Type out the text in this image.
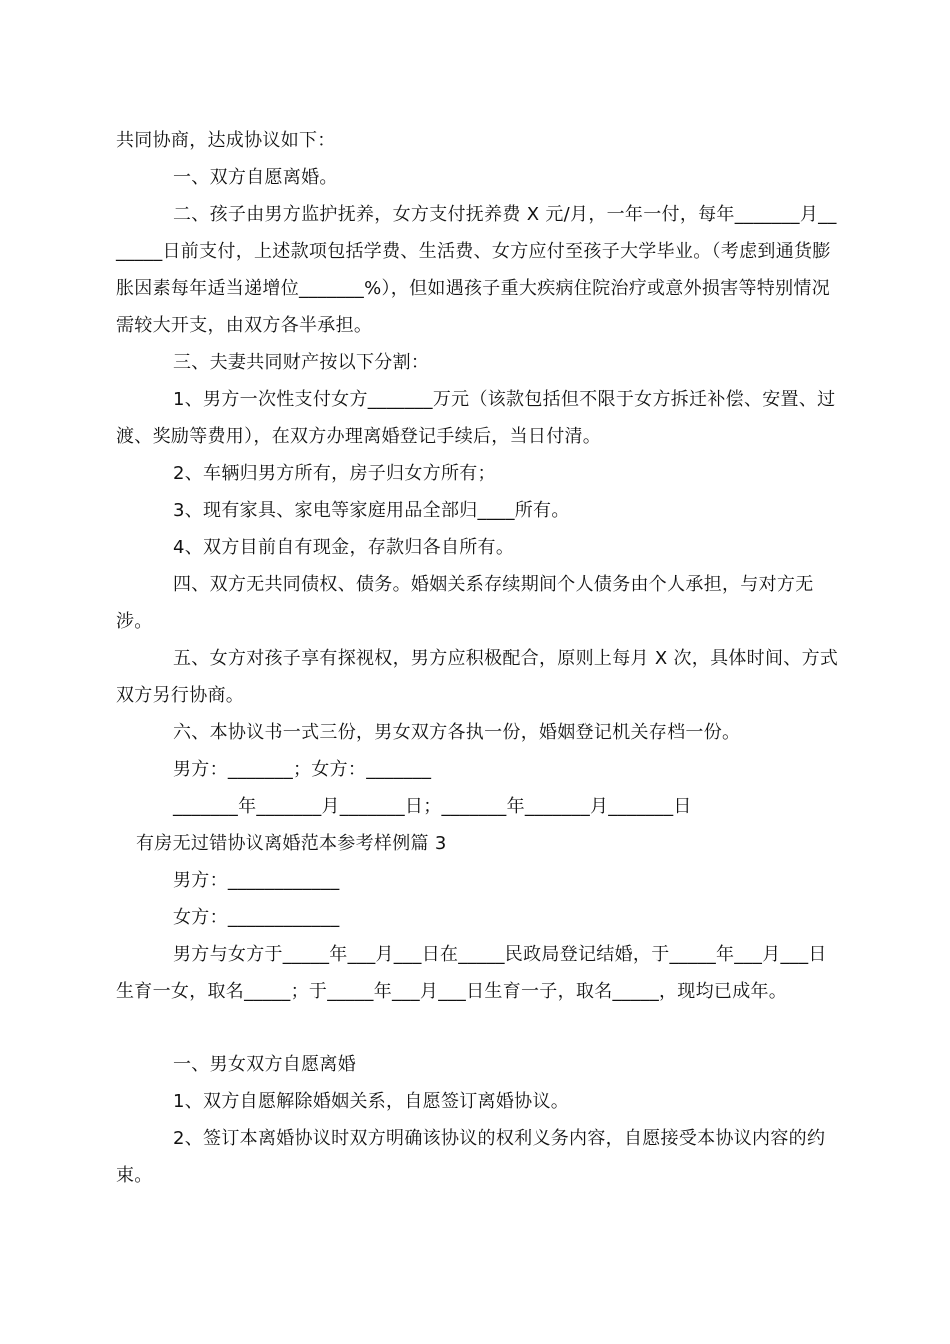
共同协商，达成协议如下：

一、双方自愿离婚。

二、孩子由男方监护抚养，女方支付抚养费 X 元/月，一年一付，每年_______月_______日前支付，上述款项包括学费、生活费、女方应付至孩子大学毕业。（考虑到通货膨胀因素每年适当递增位_______%），但如遇孩子重大疾病住院治疗或意外损害等特别情况需较大开支，由双方各半承担。

三、夫妻共同财产按以下分割：

1、男方一次性支付女方_______万元（该款包括但不限于女方拆迁补偿、安置、过渡、奖励等费用），在双方办理离婚登记手续后，当日付清。

2、车辆归男方所有，房子归女方所有；

3、现有家具、家电等家庭用品全部归____所有。

4、双方目前自有现金，存款归各自所有。

四、双方无共同债权、债务。婚姻关系存续期间个人债务由个人承担，与对方无涉。

五、女方对孩子享有探视权，男方应积极配合，原则上每月 X 次，具体时间、方式双方另行协商。

六、本协议书一式三份，男女双方各执一份，婚姻登记机关存档一份。

男方：_______；女方：_______

_______年_______月_______日；_______年_______月_______日

有房无过错协议离婚范本参考样例篇 3

男方：____________

女方：____________

男方与女方于_____年___月___日在_____民政局登记结婚，于_____年___月___日生育一女，取名_____；于_____年___月___日生育一子，取名_____，现均已成年。

一、男女双方自愿离婚

1、双方自愿解除婚姻关系，自愿签订离婚协议。

2、签订本离婚协议时双方明确该协议的权利义务内容，自愿接受本协议内容的约束。
